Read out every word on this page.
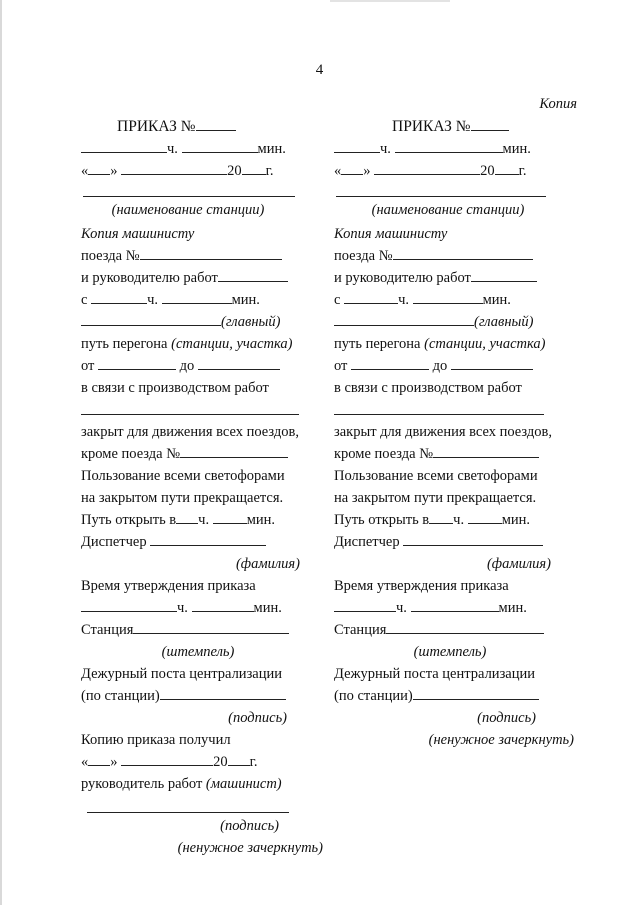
4
Копия
ПРИКАЗ №
ч.	мин.
« »	20 г.
(наименование станции)
Копия машинисту
поезда №
и руководителю работ
с	ч.	мин.
(главный)
путь перегона (станции, участка)
от	до
в связи с производством работ
закрыт для движения всех поездов,
кроме поезда №
Пользование всеми светофорами
на закрытом пути прекращается.
Путь открыть в ч.	мин.
Диспетчер
(фамилия)
Время утверждения приказа
ч.	мин.
Станция
(штемпель)
Дежурный поста централизации
(по станции)
(подпись)
Копию приказа получил
« »	20 г.
руководитель работ (машинист)
(подпись)
(ненужное зачеркнуть)
ПРИКАЗ №
ч.	мин.
« »	20 г.
(наименование станции)
Копия машинисту
поезда №
и руководителю работ
с	ч.	мин.
(главный)
путь перегона (станции, участка)
от	до
в связи с производством работ
закрыт для движения всех поездов,
кроме поезда №
Пользование всеми светофорами
на закрытом пути прекращается.
Путь открыть в ч.	мин.
Диспетчер
(фамилия)
Время утверждения приказа
ч.	мин.
Станция
(штемпель)
Дежурный поста централизации
(по станции)
(подпись)
(ненужное зачеркнуть)
